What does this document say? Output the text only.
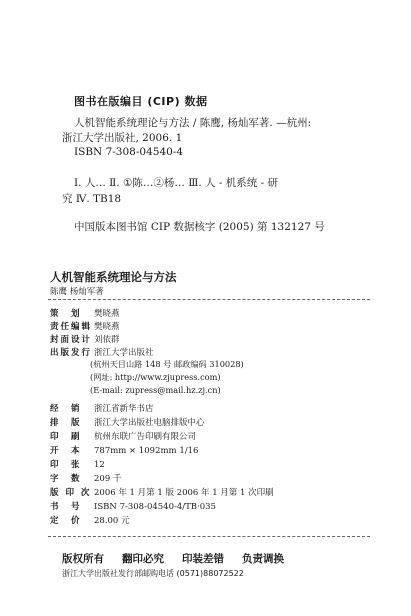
图书在版编目 (CIP) 数据
人机智能系统理论与方法 / 陈鹰, 杨灿军著. —杭州:
浙江大学出版社, 2006. 1
ISBN 7-308-04540-4
Ⅰ. 人… Ⅱ. ①陈…②杨… Ⅲ. 人 - 机系统 - 研
究 Ⅳ. TB18
中国版本图书馆 CIP 数据核字 (2005) 第 132127 号
人机智能系统理论与方法
陈鹰 杨灿军著
策　划 樊晓燕
责任编辑 樊晓燕
封面设计 刘依群
出版发行 浙江大学出版社
(杭州天目山路 148 号 邮政编码 310028)
(网址: http://www.zjupress.com)
(E-mail: zupress@mail.hz.zj.cn)
经　销 浙江省新华书店
排　版 浙江大学出版社电脑排版中心
印　刷 杭州东联广告印刷有限公司
开　本 787mm × 1092mm 1/16
印　张 12
字　数 209 千
版 印 次 2006 年 1 月第 1 版 2006 年 1 月第 1 次印刷
书　号 ISBN 7-308-04540-4/TB·035
定　价 28.00 元
版权所有 翻印必究 印装差错 负责调换
浙江大学出版社发行部邮购电话 (0571)88072522
